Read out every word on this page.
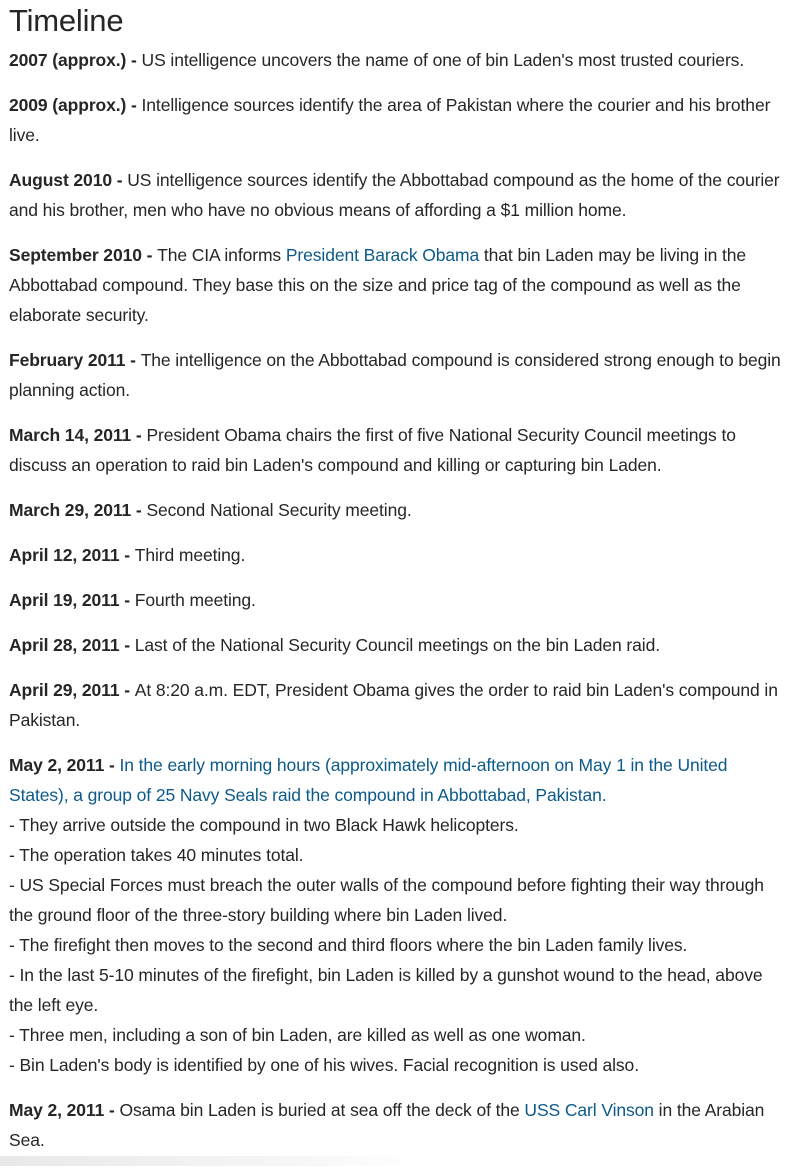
Timeline

2007 (approx.) - US intelligence uncovers the name of one of bin Laden's most trusted couriers.

2009 (approx.) - Intelligence sources identify the area of Pakistan where the courier and his brother live.

August 2010 - US intelligence sources identify the Abbottabad compound as the home of the courier and his brother, men who have no obvious means of affording a $1 million home.

September 2010 - The CIA informs President Barack Obama that bin Laden may be living in the Abbottabad compound. They base this on the size and price tag of the compound as well as the elaborate security.

February 2011 - The intelligence on the Abbottabad compound is considered strong enough to begin planning action.

March 14, 2011 - President Obama chairs the first of five National Security Council meetings to discuss an operation to raid bin Laden's compound and killing or capturing bin Laden.

March 29, 2011 - Second National Security meeting.

April 12, 2011 - Third meeting.

April 19, 2011 - Fourth meeting.

April 28, 2011 - Last of the National Security Council meetings on the bin Laden raid.

April 29, 2011 - At 8:20 a.m. EDT, President Obama gives the order to raid bin Laden's compound in Pakistan.

May 2, 2011 - In the early morning hours (approximately mid-afternoon on May 1 in the United States), a group of 25 Navy Seals raid the compound in Abbottabad, Pakistan.
- They arrive outside the compound in two Black Hawk helicopters.
- The operation takes 40 minutes total.
- US Special Forces must breach the outer walls of the compound before fighting their way through the ground floor of the three-story building where bin Laden lived.
- The firefight then moves to the second and third floors where the bin Laden family lives.
- In the last 5-10 minutes of the firefight, bin Laden is killed by a gunshot wound to the head, above the left eye.
- Three men, including a son of bin Laden, are killed as well as one woman.
- Bin Laden's body is identified by one of his wives. Facial recognition is used also.

May 2, 2011 - Osama bin Laden is buried at sea off the deck of the USS Carl Vinson in the Arabian Sea.
